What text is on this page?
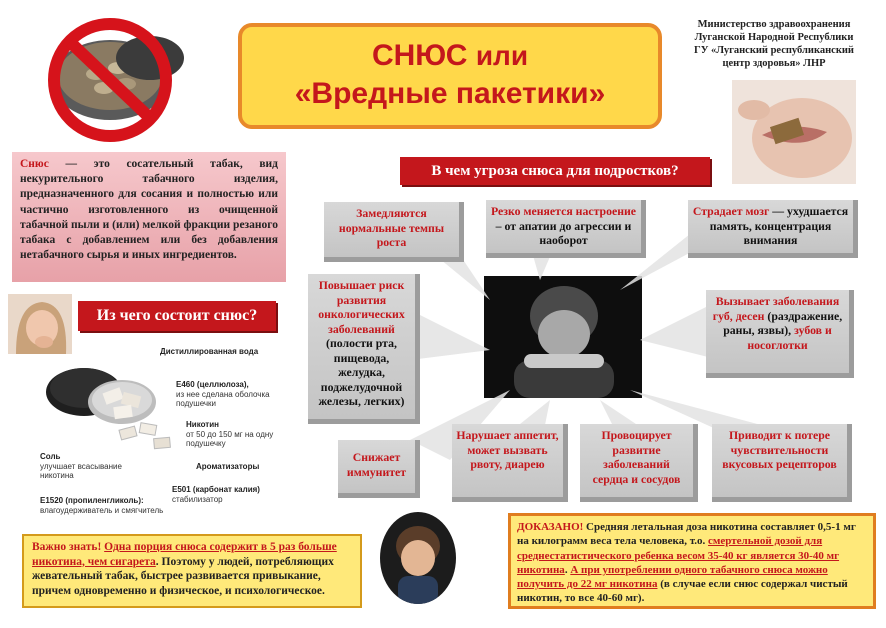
СНЮС или
«Вредные пакетики»
Министерство здравоохранения
Луганской Народной Республики
ГУ «Луганский республиканский
центр здоровья» ЛНР
Снюс — это сосательный табак, вид некурительного табачного изделия, предназначенного для сосания и полностью или частично изготовленного из очищенной табачной пыли и (или) мелкой фракции резаного табака с добавлением или без добавления нетабачного сырья и иных ингредиентов.
Из чего состоит снюс?
Дистиллированная вода
E460 (целлюлоза),
из нее сделана оболочка подушечки
Никотин
от 50 до 150 мг на одну подушечку
Ароматизаторы
E501 (карбонат калия)
стабилизатор
Соль
улучшает всасывание никотина
E1520 (пропиленгликоль):
влагоудерживатель и смягчитель
В чем угроза снюса для подростков?
Замедляются нормальные темпы роста
Резко меняется настроение – от апатии до агрессии и наоборот
Страдает мозг — ухудшается память, концентрация внимания
Повышает риск развития онкологических заболеваний (полости рта, пищевода, желудка, поджелудочной железы, легких)
Вызывает заболевания губ, десен (раздражение, раны, язвы), зубов и носоглотки
Снижает иммунитет
Нарушает аппетит, может вызвать рвоту, диарею
Провоцирует развитие заболеваний сердца и сосудов
Приводит к потере чувствительности вкусовых рецепторов
Важно знать! Одна порция снюса содержит в 5 раз больше никотина, чем сигарета. Поэтому у людей, потребляющих жевательный табак, быстрее развивается привыкание, причем одновременно и физическое, и психологическое.
ДОКАЗАНО! Средняя летальная доза никотина составляет 0,5-1 мг на килограмм веса тела человека, т.о. смертельной дозой для среднестатистического ребенка весом 35-40 кг является 30-40 мг никотина. А при употреблении одного табачного снюса можно получить до 22 мг никотина (в случае если снюс содержал чистый никотин, то все 40-60 мг).
